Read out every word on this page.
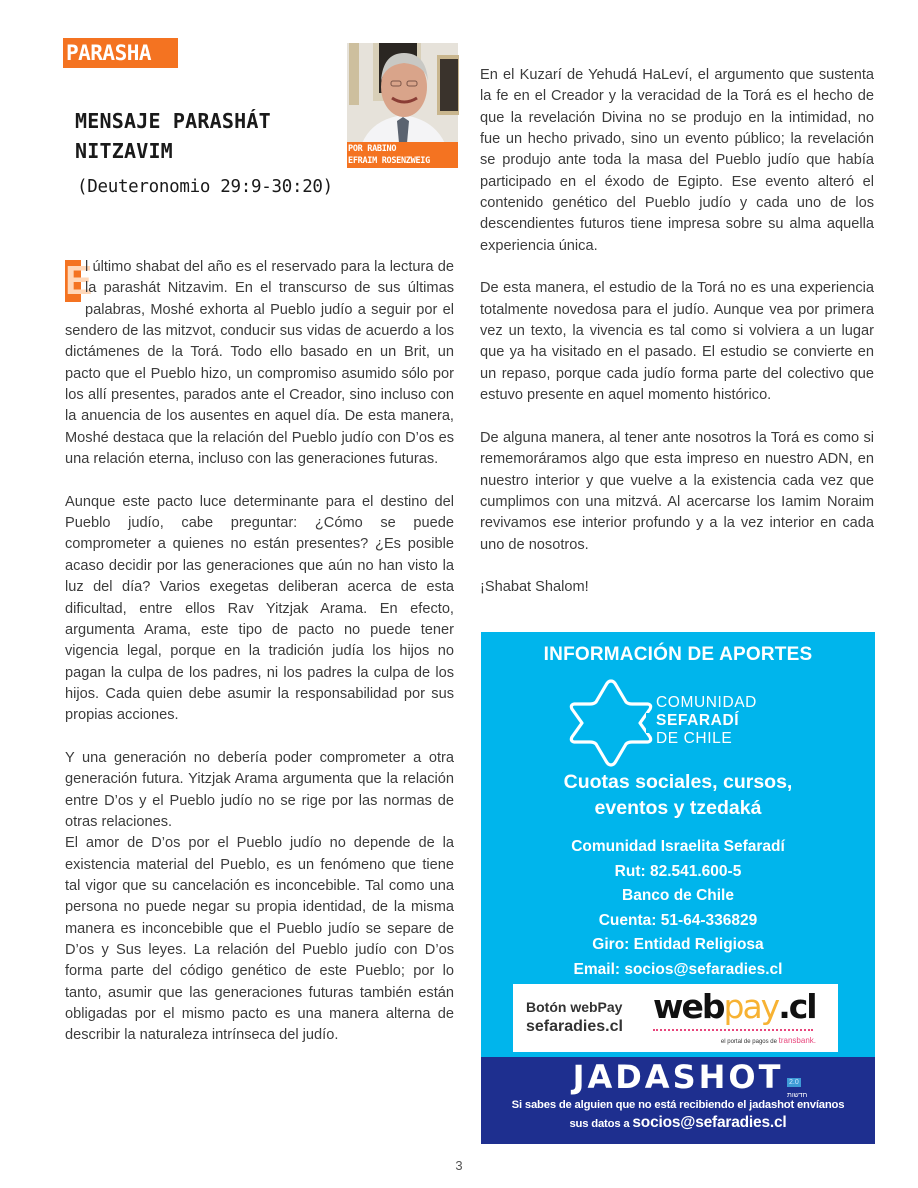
PARASHA
MENSAJE PARASHÁT
NITZAVIM
(Deuteronomio 29:9-30:20)
POR RABINO
EFRAIM ROSENZWEIG

E
l último shabat del año es el reservado para la lectura de la parashát Nitzavim. En el transcurso de sus últimas palabras, Moshé exhorta al Pueblo judío a seguir por el sendero de las mitzvot, conducir sus vidas de acuerdo a los dictámenes de la Torá. Todo ello basado en un Brit, un pacto que el Pueblo hizo, un compromiso asumido sólo por los allí presentes, parados ante el Creador, sino incluso con la anuencia de los ausentes en aquel día. De esta manera, Moshé destaca que la relación del Pueblo judío con D’os es una relación eterna, incluso con las generaciones futuras.

Aunque este pacto luce determinante para el destino del Pueblo judío, cabe preguntar: ¿Cómo se puede comprometer a quienes no están presentes? ¿Es posible acaso decidir por las generaciones que aún no han visto la luz del día? Varios exegetas deliberan acerca de esta dificultad, entre ellos Rav Yitzjak Arama. En efecto, argumenta Arama, este tipo de pacto no puede tener vigencia legal, porque en la tradición judía los hijos no pagan la culpa de los padres, ni los padres la culpa de los hijos. Cada quien debe asumir la responsabilidad por sus propias acciones.

Y una generación no debería poder comprometer a otra generación futura. Yitzjak Arama argumenta que la relación entre D’os y el Pueblo judío no se rige por las normas de otras relaciones.

El amor de D’os por el Pueblo judío no depende de la existencia material del Pueblo, es un fenómeno que tiene tal vigor que su cancelación es inconcebible. Tal como una persona no puede negar su propia identidad, de la misma manera es inconcebible que el Pueblo judío se separe de D’os y Sus leyes. La relación del Pueblo judío con D’os forma parte del código genético de este Pueblo; por lo tanto, asumir que las generaciones futuras también están obligadas por el mismo pacto es una manera alterna de describir la naturaleza intrínseca del judío.

En el Kuzarí de Yehudá HaLeví, el argumento que sustenta la fe en el Creador y la veracidad de la Torá es el hecho de que la revelación Divina no se produjo en la intimidad, no fue un hecho privado, sino un evento público; la revelación se produjo ante toda la masa del Pueblo judío que había participado en el éxodo de Egipto. Ese evento alteró el contenido genético del Pueblo judío y cada uno de los descendientes futuros tiene impresa sobre su alma aquella experiencia única.

De esta manera, el estudio de la Torá no es una experiencia totalmente novedosa para el judío. Aunque vea por primera vez un texto, la vivencia es tal como si volviera a un lugar que ya ha visitado en el pasado. El estudio se convierte en un repaso, porque cada judío forma parte del colectivo que estuvo presente en aquel momento histórico.

De alguna manera, al tener ante nosotros la Torá es como si rememoráramos algo que esta impreso en nuestro ADN, en nuestro interior y que vuelve a la existencia cada vez que cumplimos con una mitzvá. Al acercarse los Iamim Noraim revivamos ese interior profundo y a la vez interior en cada uno de nosotros.

¡Shabat Shalom!

INFORMACIÓN DE APORTES
COMUNIDAD
SEFARADÍ
DE CHILE
Cuotas sociales, cursos,
eventos y tzedaká
Comunidad Israelita Sefaradí
Rut: 82.541.600-5
Banco de Chile
Cuenta: 51-64-336829
Giro: Entidad Religiosa
Email: socios@sefaradies.cl
Botón webPay
sefaradies.cl
webpay.cl
el portal de pagos de transbank.
JADASHOT 2.0
חדשות
Si sabes de alguien que no está recibiendo el jadashot envíanos
sus datos a socios@sefaradies.cl
3
